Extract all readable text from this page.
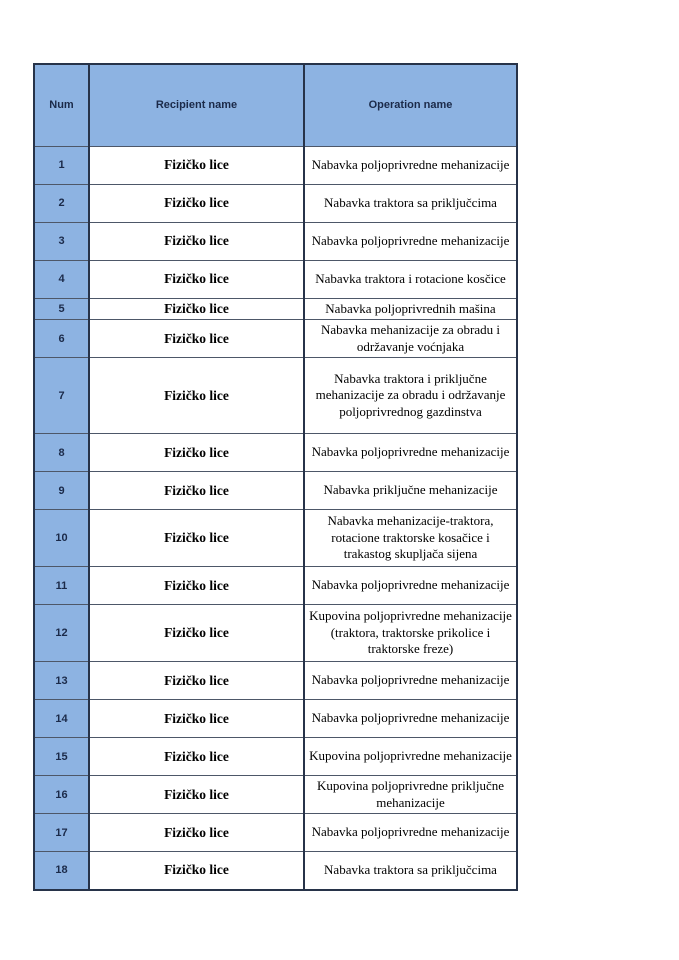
Num	Recipient name	Operation name
1	Fizičko lice	Nabavka poljoprivredne mehanizacije
2	Fizičko lice	Nabavka traktora sa priključcima
3	Fizičko lice	Nabavka poljoprivredne mehanizacije
4	Fizičko lice	Nabavka traktora i rotacione kosčice
5	Fizičko lice	Nabavka poljoprivrednih mašina
6	Fizičko lice	Nabavka mehanizacije za obradu i održavanje voćnjaka
7	Fizičko lice	Nabavka traktora i priključne mehanizacije za obradu i održavanje poljoprivrednog gazdinstva
8	Fizičko lice	Nabavka poljoprivredne mehanizacije
9	Fizičko lice	Nabavka priključne mehanizacije
10	Fizičko lice	Nabavka mehanizacije-traktora, rotacione traktorske kosačice i trakastog skupljača sijena
11	Fizičko lice	Nabavka poljoprivredne mehanizacije
12	Fizičko lice	Kupovina poljoprivredne mehanizacije (traktora, traktorske prikolice i traktorske freze)
13	Fizičko lice	Nabavka poljoprivredne mehanizacije
14	Fizičko lice	Nabavka poljoprivredne mehanizacije
15	Fizičko lice	Kupovina poljoprivredne mehanizacije
16	Fizičko lice	Kupovina poljoprivredne priključne mehanizacije
17	Fizičko lice	Nabavka poljoprivredne mehanizacije
18	Fizičko lice	Nabavka traktora sa priključcima
